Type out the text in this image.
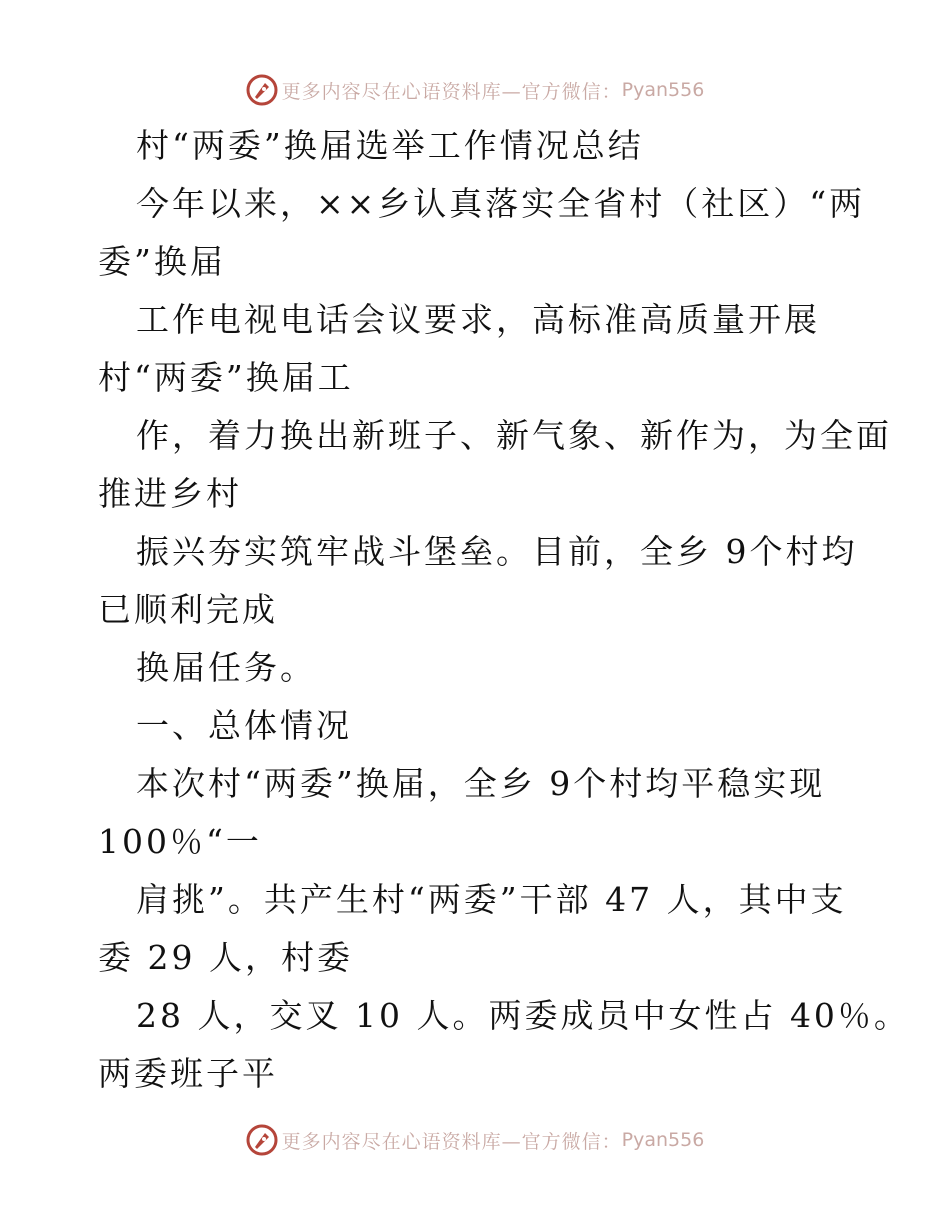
更多内容尽在心语资料库—官方微信： Pyan556
村“两委”换届选举工作情况总结
今年以来，××乡认真落实全省村（社区）“两
委”换届
工作电视电话会议要求，高标准高质量开展
村“两委”换届工
作，着力换出新班子、新气象、新作为，为全面
推进乡村
振兴夯实筑牢战斗堡垒。目前，全乡 9个村均
已顺利完成
换届任务。
一、总体情况
本次村“两委”换届，全乡 9个村均平稳实现
100％“一
肩挑”。共产生村“两委”干部 47 人，其中支
委 29 人，村委
28 人，交叉 10 人。两委成员中女性占 40％。
两委班子平
更多内容尽在心语资料库—官方微信： Pyan556
